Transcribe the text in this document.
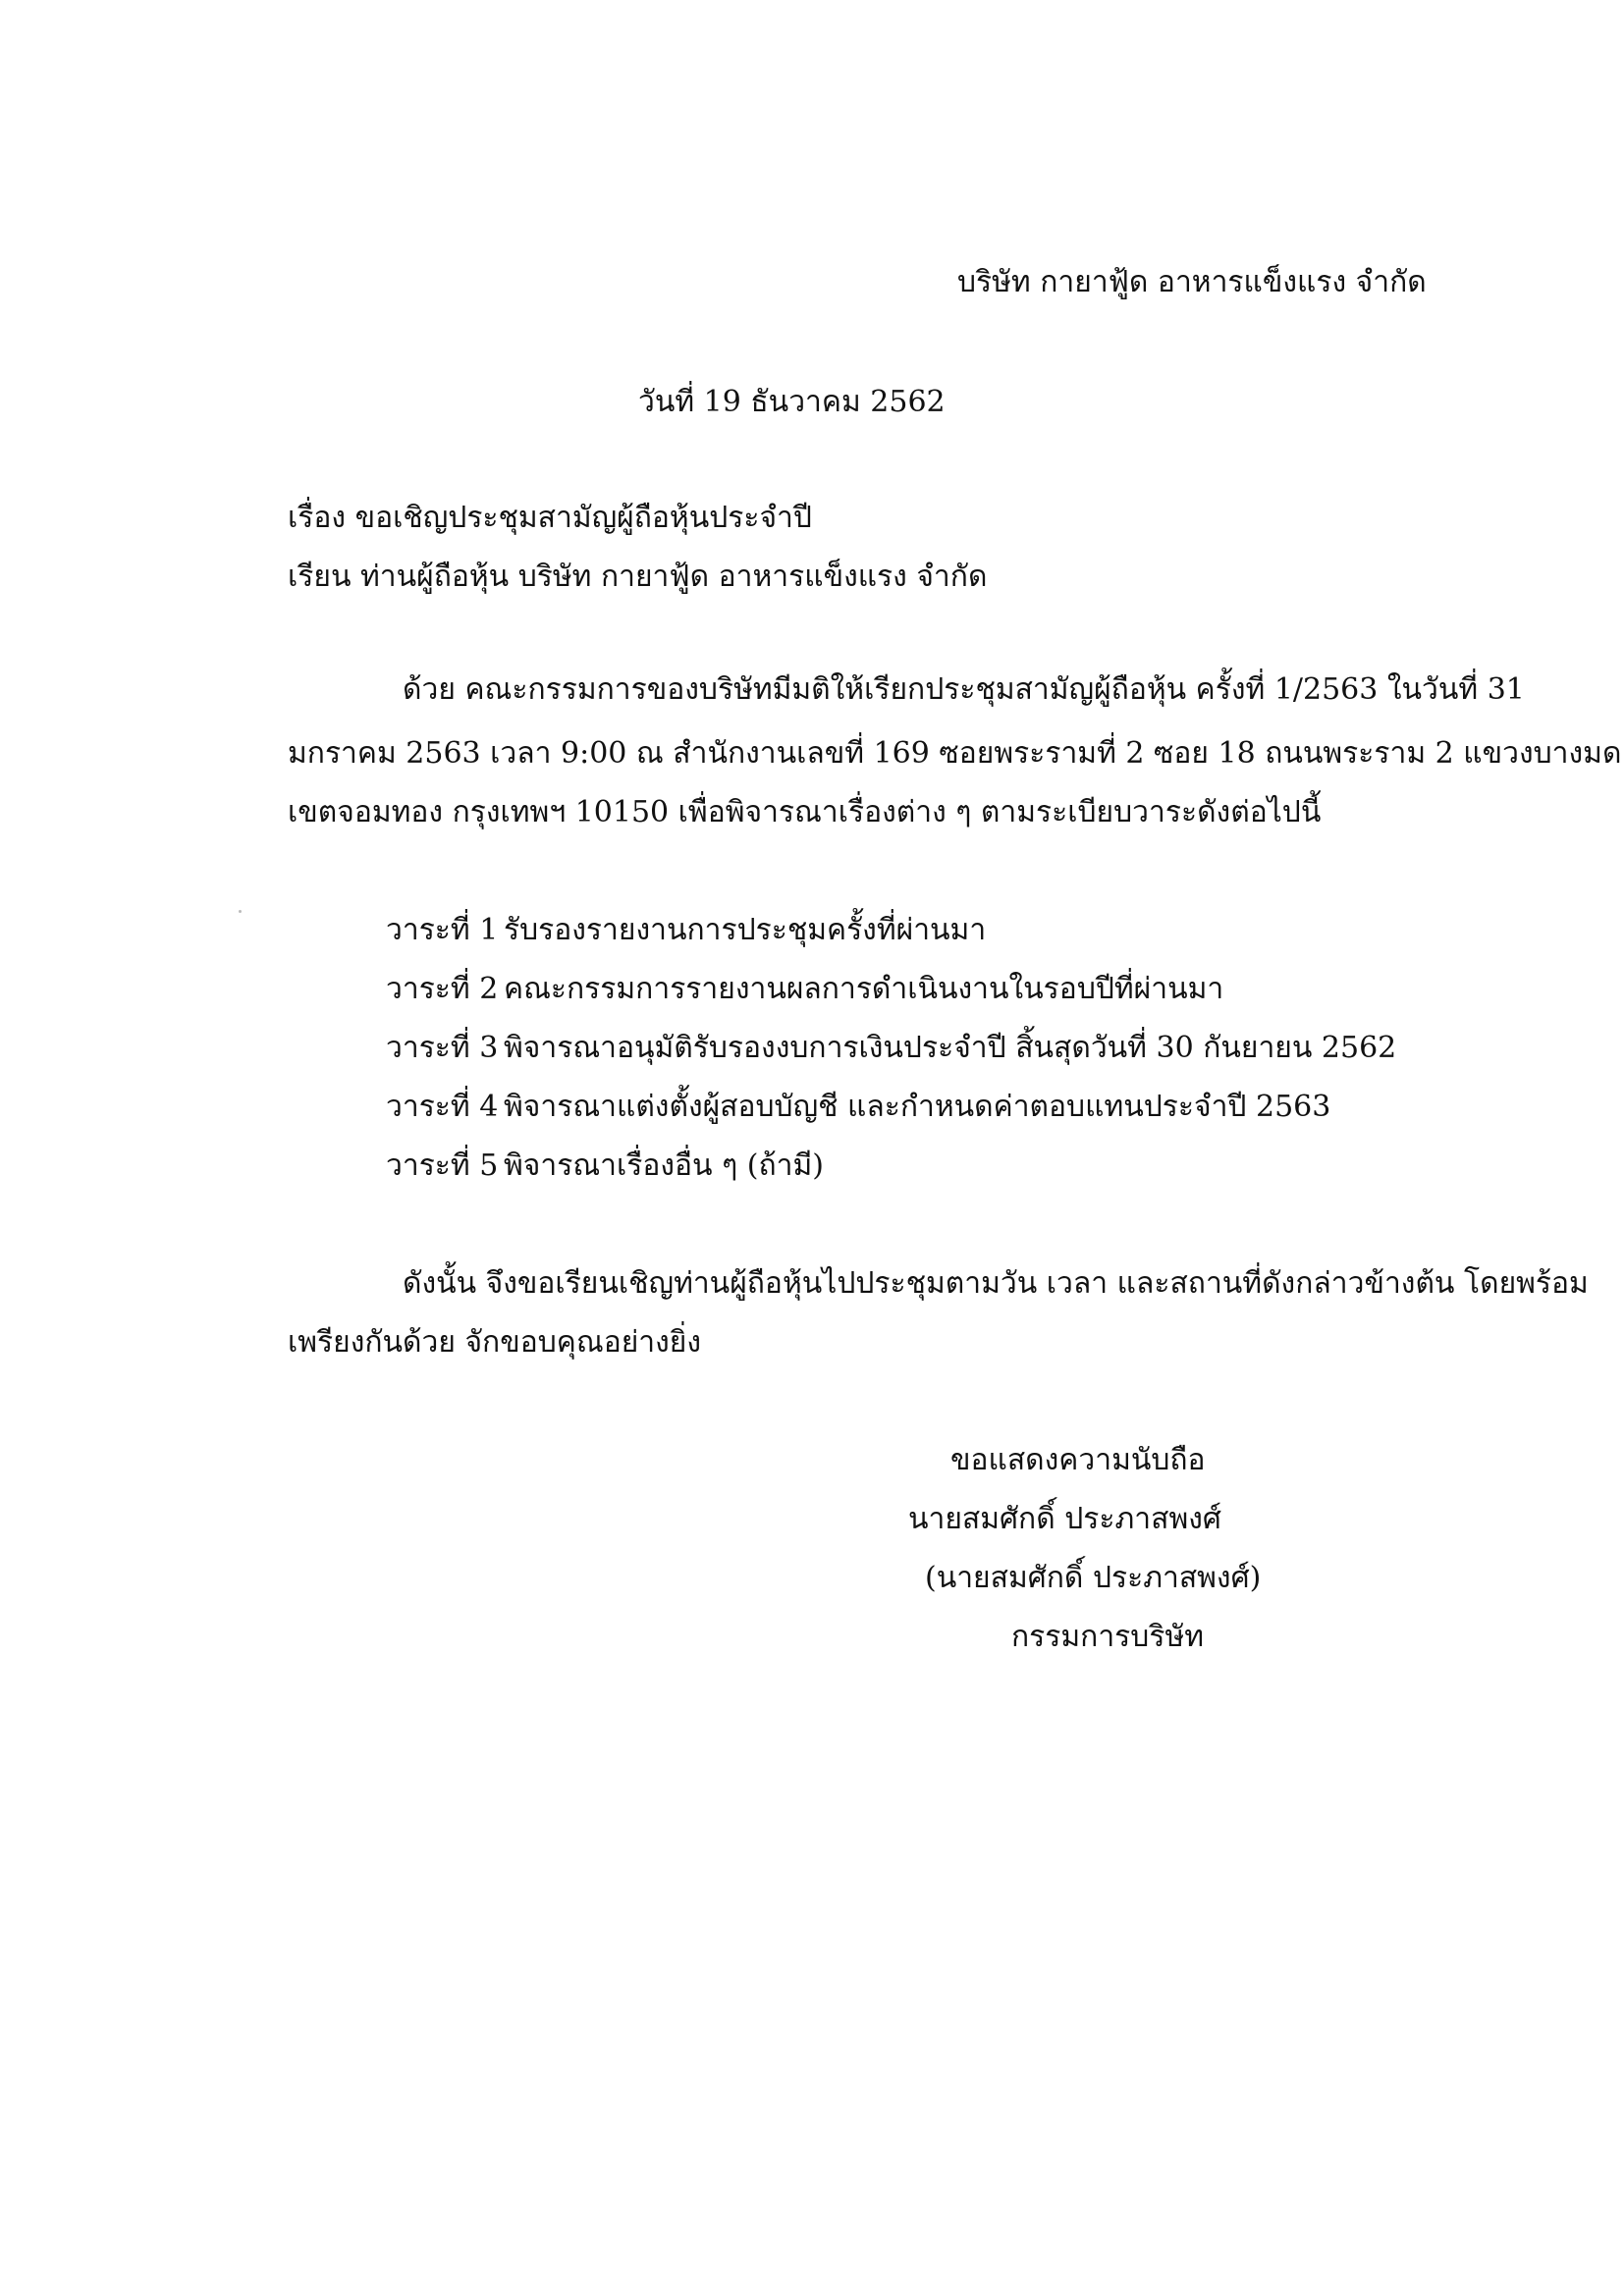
บริษัท กายาฟู้ด อาหารแข็งแรง จำกัด
วันที่ 19 ธันวาคม 2562
เรื่อง ขอเชิญประชุมสามัญผู้ถือหุ้นประจำปี
เรียน ท่านผู้ถือหุ้น บริษัท กายาฟู้ด อาหารแข็งแรง จำกัด
ด้วย คณะกรรมการของบริษัทมีมติให้เรียกประชุมสามัญผู้ถือหุ้น ครั้งที่ 1/2563 ในวันที่ 31
มกราคม 2563 เวลา 9:00 ณ สำนักงานเลขที่ 169 ซอยพระรามที่ 2 ซอย 18 ถนนพระราม 2 แขวงบางมด
เขตจอมทอง กรุงเทพฯ 10150 เพื่อพิจารณาเรื่องต่าง ๆ ตามระเบียบวาระดังต่อไปนี้
วาระที่ 1 รับรองรายงานการประชุมครั้งที่ผ่านมา
วาระที่ 2 คณะกรรมการรายงานผลการดำเนินงานในรอบปีที่ผ่านมา
วาระที่ 3 พิจารณาอนุมัติรับรองงบการเงินประจำปี สิ้นสุดวันที่ 30 กันยายน 2562
วาระที่ 4 พิจารณาแต่งตั้งผู้สอบบัญชี และกำหนดค่าตอบแทนประจำปี 2563
วาระที่ 5 พิจารณาเรื่องอื่น ๆ (ถ้ามี)
ดังนั้น จึงขอเรียนเชิญท่านผู้ถือหุ้นไปประชุมตามวัน เวลา และสถานที่ดังกล่าวข้างต้น โดยพร้อม
เพรียงกันด้วย จักขอบคุณอย่างยิ่ง
ขอแสดงความนับถือ
นายสมศักดิ์ ประภาสพงศ์
(นายสมศักดิ์ ประภาสพงศ์)
กรรมการบริษัท
